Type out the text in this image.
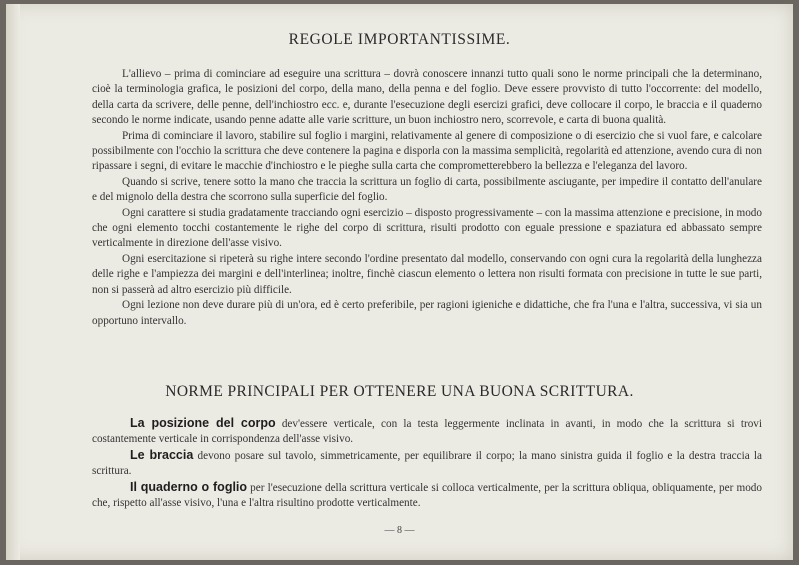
REGOLE IMPORTANTISSIME.

L'allievo – prima di cominciare ad eseguire una scrittura – dovrà conoscere innanzi tutto quali sono le norme principali che la determinano, cioè la terminologia grafica, le posizioni del corpo, della mano, della penna e del foglio. Deve essere provvisto di tutto l'occorrente: del modello, della carta da scrivere, delle penne, dell'inchiostro ecc. e, durante l'esecuzione degli esercizi grafici, deve collocare il corpo, le braccia e il quaderno secondo le norme indicate, usando penne adatte alle varie scritture, un buon inchiostro nero, scorrevole, e carta di buona qualità.

Prima di cominciare il lavoro, stabilire sul foglio i margini, relativamente al genere di composizione o di esercizio che si vuol fare, e calcolare possibilmente con l'occhio la scrittura che deve contenere la pagina e disporla con la massima semplicità, regolarità ed attenzione, avendo cura di non ripassare i segni, di evitare le macchie d'inchiostro e le pieghe sulla carta che comprometterebbero la bellezza e l'eleganza del lavoro.

Quando si scrive, tenere sotto la mano che traccia la scrittura un foglio di carta, possibilmente asciugante, per impedire il contatto dell'anulare e del mignolo della destra che scorrono sulla superficie del foglio.

Ogni carattere si studia gradatamente tracciando ogni esercizio – disposto progressivamente – con la massima attenzione e precisione, in modo che ogni elemento tocchi costantemente le righe del corpo di scrittura, risulti prodotto con eguale pressione e spaziatura ed abbassato sempre verticalmente in direzione dell'asse visivo.

Ogni esercitazione si ripeterà su righe intere secondo l'ordine presentato dal modello, conservando con ogni cura la regolarità della lunghezza delle righe e l'ampiezza dei margini e dell'interlinea; inoltre, finchè ciascun elemento o lettera non risulti formata con precisione in tutte le sue parti, non si passerà ad altro esercizio più difficile.

Ogni lezione non deve durare più di un'ora, ed è certo preferibile, per ragioni igieniche e didattiche, che fra l'una e l'altra, successiva, vi sia un opportuno intervallo.

NORME PRINCIPALI PER OTTENERE UNA BUONA SCRITTURA.

La posizione del corpo dev'essere verticale, con la testa leggermente inclinata in avanti, in modo che la scrittura si trovi costantemente verticale in corrispondenza dell'asse visivo.

Le braccia devono posare sul tavolo, simmetricamente, per equilibrare il corpo; la mano sinistra guida il foglio e la destra traccia la scrittura.

Il quaderno o foglio per l'esecuzione della scrittura verticale si colloca verticalmente, per la scrittura obliqua, obliquamente, per modo che, rispetto all'asse visivo, l'una e l'altra risultino prodotte verticalmente.

— 8 —
